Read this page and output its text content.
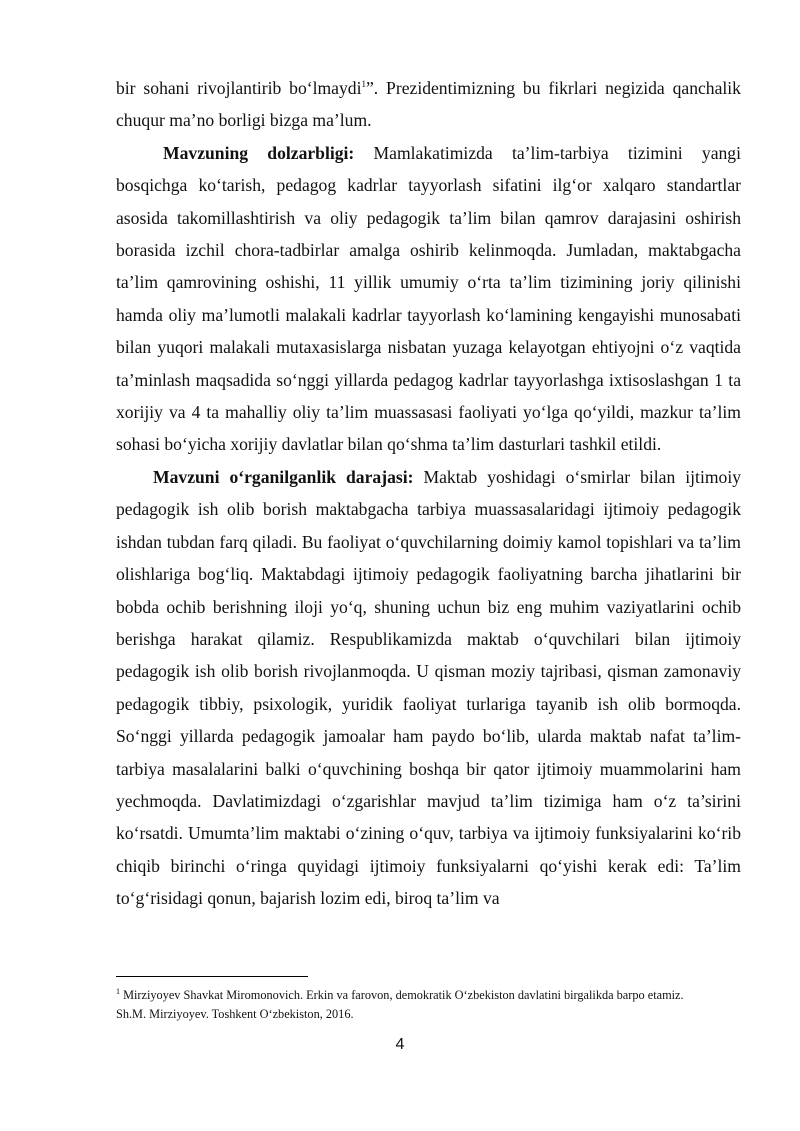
bir sohani rivojlantirib bo‘lmaydi$^1$”. Prezidentimizning bu fikrlari negizida qanchalik chuqur ma’no borligi bizga ma’lum.

Mavzuning dolzarbligi: Mamlakatimizda ta’lim-tarbiya tizimini yangi bosqichga ko‘tarish, pedagog kadrlar tayyorlash sifatini ilg‘or xalqaro standartlar asosida takomillashtirish va oliy pedagogik ta’lim bilan qamrov darajasini oshirish borasida izchil chora-tadbirlar amalga oshirib kelinmoqda. Jumladan, maktabgacha ta’lim qamrovining oshishi, 11 yillik umumiy o‘rta ta’lim tizimining joriy qilinishi hamda oliy ma’lumotli malakali kadrlar tayyorlash ko‘lamining kengayishi munosabati bilan yuqori malakali mutaxasislarga nisbatan yuzaga kelayotgan ehtiyojni o‘z vaqtida ta’minlash maqsadida so‘nggi yillarda pedagog kadrlar tayyorlashga ixtisoslashgan 1 ta xorijiy va 4 ta mahalliy oliy ta’lim muassasasi faoliyati yo‘lga qo‘yildi, mazkur ta’lim sohasi bo‘yicha xorijiy davlatlar bilan qo‘shma ta’lim dasturlari tashkil etildi.

Mavzuni o‘rganilganlik darajasi: Maktab yoshidagi o‘smirlar bilan ijtimoiy pedagogik ish olib borish maktabgacha tarbiya muassasalaridagi ijtimoiy pedagogik ishdan tubdan farq qiladi. Bu faoliyat o‘quvchilarning doimiy kamol topishlari va ta’lim olishlariga bog‘liq. Maktabdagi ijtimoiy pedagogik faoliyatning barcha jihatlarini bir bobda ochib berishning iloji yo‘q, shuning uchun biz eng muhim vaziyatlarini ochib berishga harakat qilamiz. Respublikamizda maktab o‘quvchilari bilan ijtimoiy pedagogik ish olib borish rivojlanmoqda. U qisman moziy tajribasi, qisman zamonaviy pedagogik tibbiy, psixologik, yuridik faoliyat turlariga tayanib ish olib bormoqda. So‘nggi yillarda pedagogik jamoalar ham paydo bo‘lib, ularda maktab nafat ta’lim-tarbiya masalalarini balki o‘quvchining boshqa bir qator ijtimoiy muammolarini ham yechmoqda. Davlatimizdagi o‘zgarishlar mavjud ta’lim tizimiga ham o‘z ta’sirini ko‘rsatdi. Umumta’lim maktabi o‘zining o‘quv, tarbiya va ijtimoiy funksiyalarini ko‘rib chiqib birinchi o‘ringa quyidagi ijtimoiy funksiyalarni qo‘yishi kerak edi: Ta’lim to‘g‘risidagi qonun, bajarish lozim edi, biroq ta’lim va

$^1$ Mirziyoyev Shavkat Miromonovich. Erkin va farovon, demokratik O‘zbekiston davlatini birgalikda barpo etamiz.
Sh.M. Mirziyoyev. Toshkent O‘zbekiston, 2016.
4
